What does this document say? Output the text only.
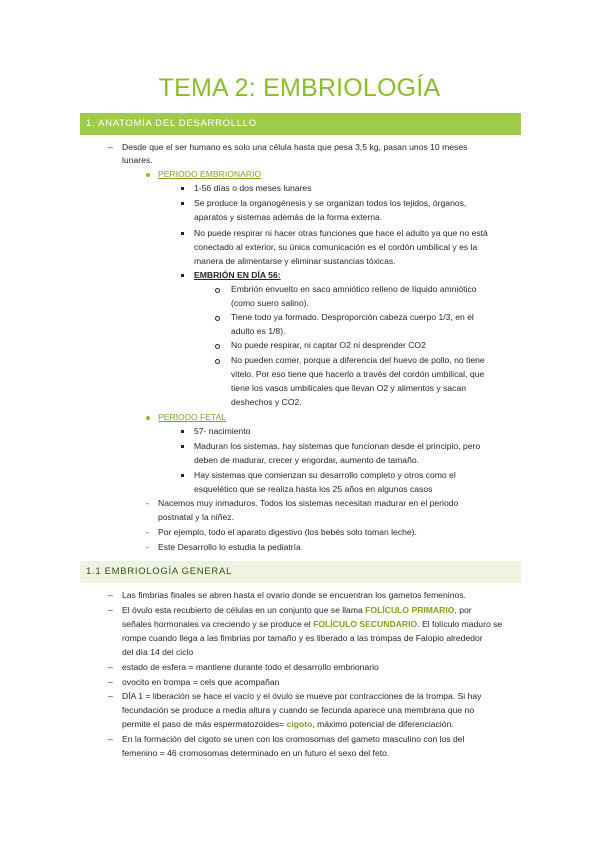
TEMA 2: EMBRIOLOGÍA
1. ANATOMÍA DEL DESARROLLLO
– Desde que el ser humano es solo una célula hasta que pesa 3,5 kg, pasan unos 10 meses
lunares.
PERIODO EMBRIONARIO
1-56 días o dos meses lunares
Se produce la organogénesis y se organizan todos los tejidos, órganos,
aparatos y sistemas además de la forma externa.
No puede respirar ni hacer otras funciones que hace el adulto ya que no está
conectado al exterior, su única comunicación es el cordón umbilical y es la
manera de alimentarse y eliminar sustancias tóxicas.
EMBRIÓN EN DÍA 56:
Embrión envuelto en saco amniótico relleno de líquido amniótico
(como suero salino).
Tiene todo ya formado. Desproporción cabeza cuerpo 1/3, en el
adulto es 1/8).
No puede respirar, ni captar O2 ni desprender CO2
No pueden comer, porque a diferencia del huevo de pollo, no tiene
vitelo. Por eso tiene que hacerlo a través del cordón umbilical, que
tiene los vasos umbilicales que llevan O2 y alimentos y sacan
deshechos y CO2.
PERIODO FETAL
57- nacimiento
Maduran los sistemas, hay sistemas que funcionan desde el principio, pero
deben de madurar, crecer y engordar, aumento de tamaño.
Hay sistemas que comienzan su desarrollo completo y otros como el
esquelético que se realiza hasta los 25 años en algunos casos
- Nacemos muy inmaduros. Todos los sistemas necesitan madurar en el periodo
postnatal y la niñez.
- Por ejemplo, todo el aparato digestivo (los bebés solo toman leche).
- Este Desarrollo lo estudia la pediatría
1.1 EMBRIOLOGÍA GENERAL
– Las fimbrias finales se abren hasta el ovario donde se encuentran los gametos femeninos.
– El óvulo esta recubierto de células en un conjunto que se llama FOLÍCULO PRIMARIO, por
señales hormonales va creciendo y se produce el FOLÍCULO SECUNDARIO. El folículo maduro se
rompe cuando llega a las fimbrias por tamaño y es liberado a las trompas de Falopio alrededor
del día 14 del ciclo
– estado de esfera = mantiene durante todo el desarrollo embrionario
– ovocito en trompa = cels que acompañan
– DÍA 1 = liberación se hace el vacío y el óvulo se mueve por contracciones de la trompa. Si hay
fecundación se produce a media altura y cuando se fecunda aparece una membrana que no
permite el paso de más espermatozoides= cigoto, máximo potencial de diferenciación.
– En la formación del cigoto se unen con los cromosomas del gameto masculino con los del
femenino = 46 cromosomas determinado en un futuro el sexo del feto.
